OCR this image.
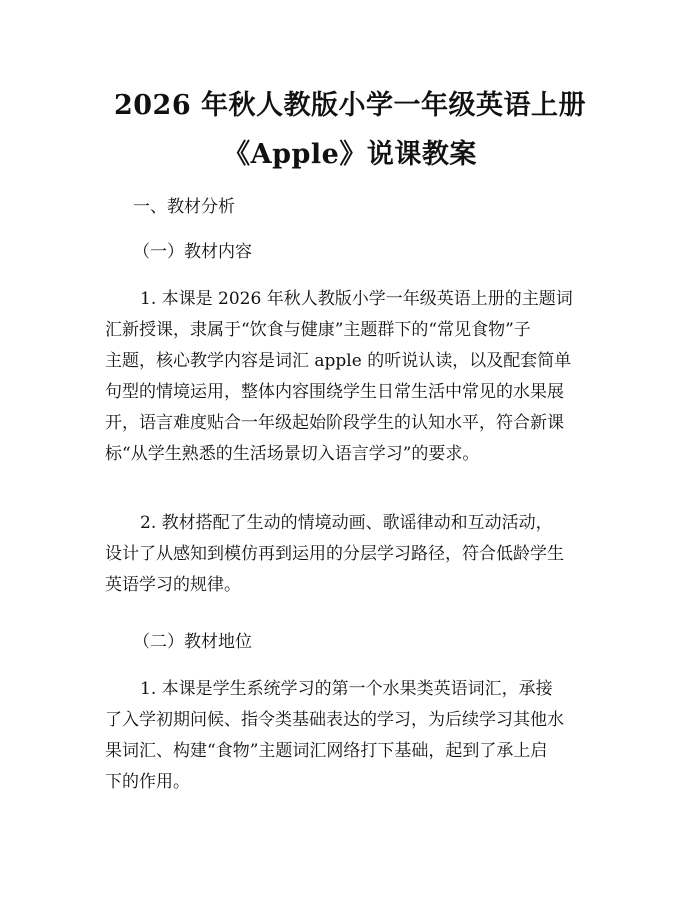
2026 年秋人教版小学一年级英语上册
《Apple》说课教案
一、教材分析
（一）教材内容
1. 本课是 2026 年秋人教版小学一年级英语上册的主题词
汇新授课，隶属于“饮食与健康”主题群下的“常见食物”子
主题，核心教学内容是词汇 apple 的听说认读，以及配套简单
句型的情境运用，整体内容围绕学生日常生活中常见的水果展
开，语言难度贴合一年级起始阶段学生的认知水平，符合新课
标“从学生熟悉的生活场景切入语言学习”的要求。
2. 教材搭配了生动的情境动画、歌谣律动和互动活动，
设计了从感知到模仿再到运用的分层学习路径，符合低龄学生
英语学习的规律。
（二）教材地位
1. 本课是学生系统学习的第一个水果类英语词汇，承接
了入学初期问候、指令类基础表达的学习，为后续学习其他水
果词汇、构建“食物”主题词汇网络打下基础，起到了承上启
下的作用。
